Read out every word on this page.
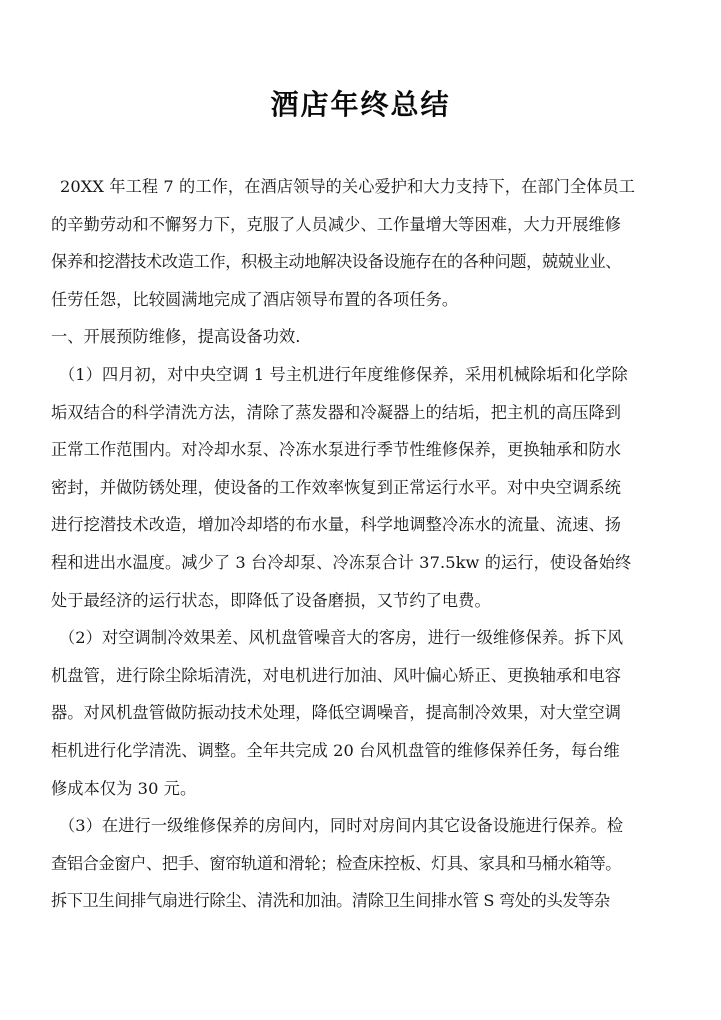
酒店年终总结
20XX 年工程 7 的工作，在酒店领导的关心爱护和大力支持下，在部门全体员工
的辛勤劳动和不懈努力下，克服了人员减少、工作量增大等困难，大力开展维修
保养和挖潜技术改造工作，积极主动地解决设备设施存在的各种问题，兢兢业业、
任劳任怨，比较圆满地完成了酒店领导布置的各项任务。
一、开展预防维修，提高设备功效.
（1）四月初，对中央空调 1 号主机进行年度维修保养，采用机械除垢和化学除
垢双结合的科学清洗方法，清除了蒸发器和冷凝器上的结垢，把主机的高压降到
正常工作范围内。对冷却水泵、冷冻水泵进行季节性维修保养，更换轴承和防水
密封，并做防锈处理，使设备的工作效率恢复到正常运行水平。对中央空调系统
进行挖潜技术改造，增加冷却塔的布水量，科学地调整冷冻水的流量、流速、扬
程和进出水温度。减少了 3 台冷却泵、冷冻泵合计 37.5kw 的运行，使设备始终
处于最经济的运行状态，即降低了设备磨损，又节约了电费。
（2）对空调制冷效果差、风机盘管噪音大的客房，进行一级维修保养。拆下风
机盘管，进行除尘除垢清洗，对电机进行加油、风叶偏心矫正、更换轴承和电容
器。对风机盘管做防振动技术处理，降低空调噪音，提高制冷效果，对大堂空调
柜机进行化学清洗、调整。全年共完成 20 台风机盘管的维修保养任务，每台维
修成本仅为 30 元。
（3）在进行一级维修保养的房间内，同时对房间内其它设备设施进行保养。检
查铝合金窗户、把手、窗帘轨道和滑轮；检查床控板、灯具、家具和马桶水箱等。
拆下卫生间排气扇进行除尘、清洗和加油。清除卫生间排水管 S 弯处的头发等杂
